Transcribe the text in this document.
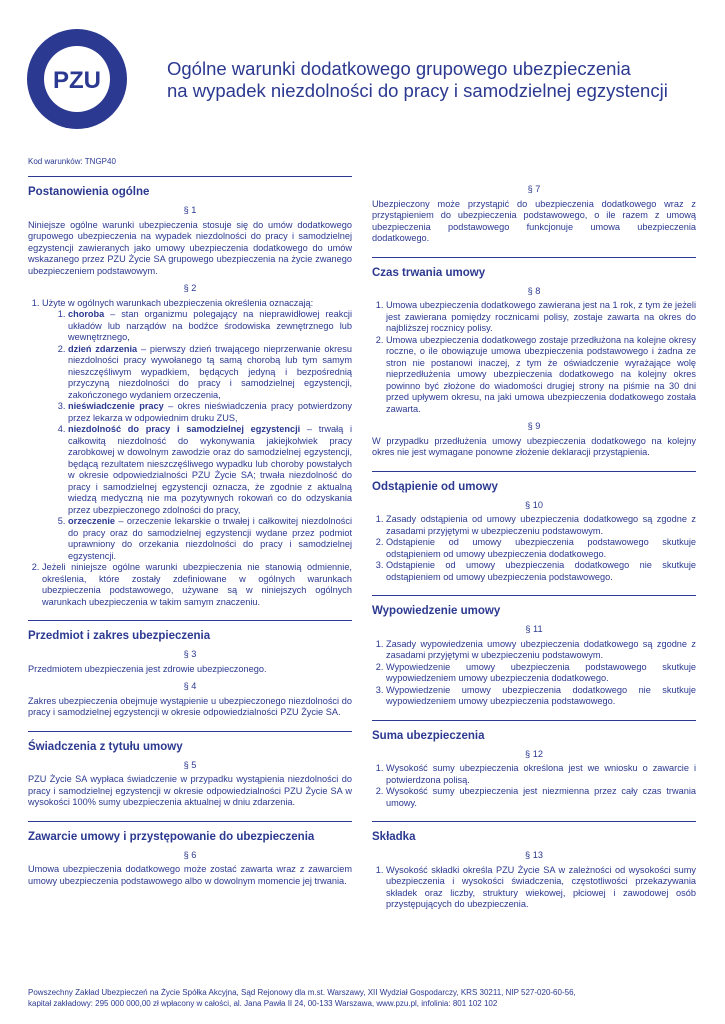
PZU	Ogólne warunki dodatkowego grupowego ubezpieczenia
na wypadek niezdolności do pracy i samodzielnej egzystencji
Kod warunków: TNGP40
Postanowienia ogólne
§ 1

Niniejsze ogólne warunki ubezpieczenia stosuje się do umów dodatkowego grupowego ubezpieczenia na wypadek niezdolności do pracy i samodzielnej egzystencji zawieranych jako umowy ubezpieczenia dodatkowego do umów wskazanego przez PZU Życie SA grupowego ubezpieczenia na życie zwanego ubezpieczeniem podstawowym.

§ 2
1. Użyte w ogólnych warunkach ubezpieczenia określenia oznaczają:
1. choroba – stan organizmu polegający na nieprawidłowej reakcji układów lub narządów na bodźce środowiska zewnętrznego lub wewnętrznego,
2. dzień zdarzenia – pierwszy dzień trwającego nieprzerwanie okresu niezdolności pracy wywołanego tą samą chorobą lub tym samym nieszczęśliwym wypadkiem, będących jedyną i bezpośrednią przyczyną niezdolności do pracy i samodzielnej egzystencji, zakończonego wydaniem orzeczenia,
3. nieświadczenie pracy – okres nieświadczenia pracy potwierdzony przez lekarza w odpowiednim druku ZUS,
4. niezdolność do pracy i samodzielnej egzystencji – trwałą i całkowitą niezdolność do wykonywania jakiejkolwiek pracy zarobkowej w dowolnym zawodzie oraz do samodzielnej egzystencji, będącą rezultatem nieszczęśliwego wypadku lub choroby powstałych w okresie odpowiedzialności PZU Życie SA; trwała niezdolność do pracy i samodzielnej egzystencji oznacza, że zgodnie z aktualną wiedzą medyczną nie ma pozytywnych rokowań co do odzyskania przez ubezpieczonego zdolności do pracy,
5. orzeczenie – orzeczenie lekarskie o trwałej i całkowitej niezdolności do pracy oraz do samodzielnej egzystencji wydane przez podmiot uprawniony do orzekania niezdolności do pracy i samodzielnej egzystencji.
2. Jeżeli niniejsze ogólne warunki ubezpieczenia nie stanowią odmiennie, określenia, które zostały zdefiniowane w ogólnych warunkach ubezpieczenia podstawowego, używane są w niniejszych ogólnych warunkach ubezpieczenia w takim samym znaczeniu.
Przedmiot i zakres ubezpieczenia
§ 3

Przedmiotem ubezpieczenia jest zdrowie ubezpieczonego.

§ 4

Zakres ubezpieczenia obejmuje wystąpienie u ubezpieczonego niezdolności do pracy i samodzielnej egzystencji w okresie odpowiedzialności PZU Życie SA.

Świadczenia z tytułu umowy
§ 5

PZU Życie SA wypłaca świadczenie w przypadku wystąpienia niezdolności do pracy i samodzielnej egzystencji w okresie odpowiedzialności PZU Życie SA w wysokości 100% sumy ubezpieczenia aktualnej w dniu zdarzenia.

Zawarcie umowy i przystępowanie do ubezpieczenia
§ 6

Umowa ubezpieczenia dodatkowego może zostać zawarta wraz z zawarciem umowy ubezpieczenia podstawowego albo w dowolnym momencie jej trwania.

§ 7

Ubezpieczony może przystąpić do ubezpieczenia dodatkowego wraz z przystąpieniem do ubezpieczenia podstawowego, o ile razem z umową ubezpieczenia podstawowego funkcjonuje umowa ubezpieczenia dodatkowego.

Czas trwania umowy
§ 8
1. Umowa ubezpieczenia dodatkowego zawierana jest na 1 rok, z tym że jeżeli jest zawierana pomiędzy rocznicami polisy, zostaje zawarta na okres do najbliższej rocznicy polisy.
2. Umowa ubezpieczenia dodatkowego zostaje przedłużona na kolejne okresy roczne, o ile obowiązuje umowa ubezpieczenia podstawowego i żadna ze stron nie postanowi inaczej, z tym że oświadczenie wyrażające wolę nieprzedłużenia umowy ubezpieczenia dodatkowego na kolejny okres powinno być złożone do wiadomości drugiej strony na piśmie na 30 dni przed upływem okresu, na jaki umowa ubezpieczenia dodatkowego została zawarta.
§ 9

W przypadku przedłużenia umowy ubezpieczenia dodatkowego na kolejny okres nie jest wymagane ponowne złożenie deklaracji przystąpienia.

Odstąpienie od umowy
§ 10
1. Zasady odstąpienia od umowy ubezpieczenia dodatkowego są zgodne z zasadami przyjętymi w ubezpieczeniu podstawowym.
2. Odstąpienie od umowy ubezpieczenia podstawowego skutkuje odstąpieniem od umowy ubezpieczenia dodatkowego.
3. Odstąpienie od umowy ubezpieczenia dodatkowego nie skutkuje odstąpieniem od umowy ubezpieczenia podstawowego.
Wypowiedzenie umowy
§ 11
1. Zasady wypowiedzenia umowy ubezpieczenia dodatkowego są zgodne z zasadami przyjętymi w ubezpieczeniu podstawowym.
2. Wypowiedzenie umowy ubezpieczenia podstawowego skutkuje wypowiedzeniem umowy ubezpieczenia dodatkowego.
3. Wypowiedzenie umowy ubezpieczenia dodatkowego nie skutkuje wypowiedzeniem umowy ubezpieczenia podstawowego.
Suma ubezpieczenia
§ 12
1. Wysokość sumy ubezpieczenia określona jest we wniosku o zawarcie i potwierdzona polisą.
2. Wysokość sumy ubezpieczenia jest niezmienna przez cały czas trwania umowy.
Składka
§ 13
1. Wysokość składki określa PZU Życie SA w zależności od wysokości sumy ubezpieczenia i wysokości świadczenia, częstotliwości przekazywania składek oraz liczby, struktury wiekowej, płciowej i zawodowej osób przystępujących do ubezpieczenia.
Powszechny Zakład Ubezpieczeń na Życie Spółka Akcyjna, Sąd Rejonowy dla m.st. Warszawy, XII Wydział Gospodarczy, KRS 30211, NIP 527-020-60-56,
kapitał zakładowy: 295 000 000,00 zł wpłacony w całości, al. Jana Pawła II 24, 00-133 Warszawa, www.pzu.pl, infolinia: 801 102 102
